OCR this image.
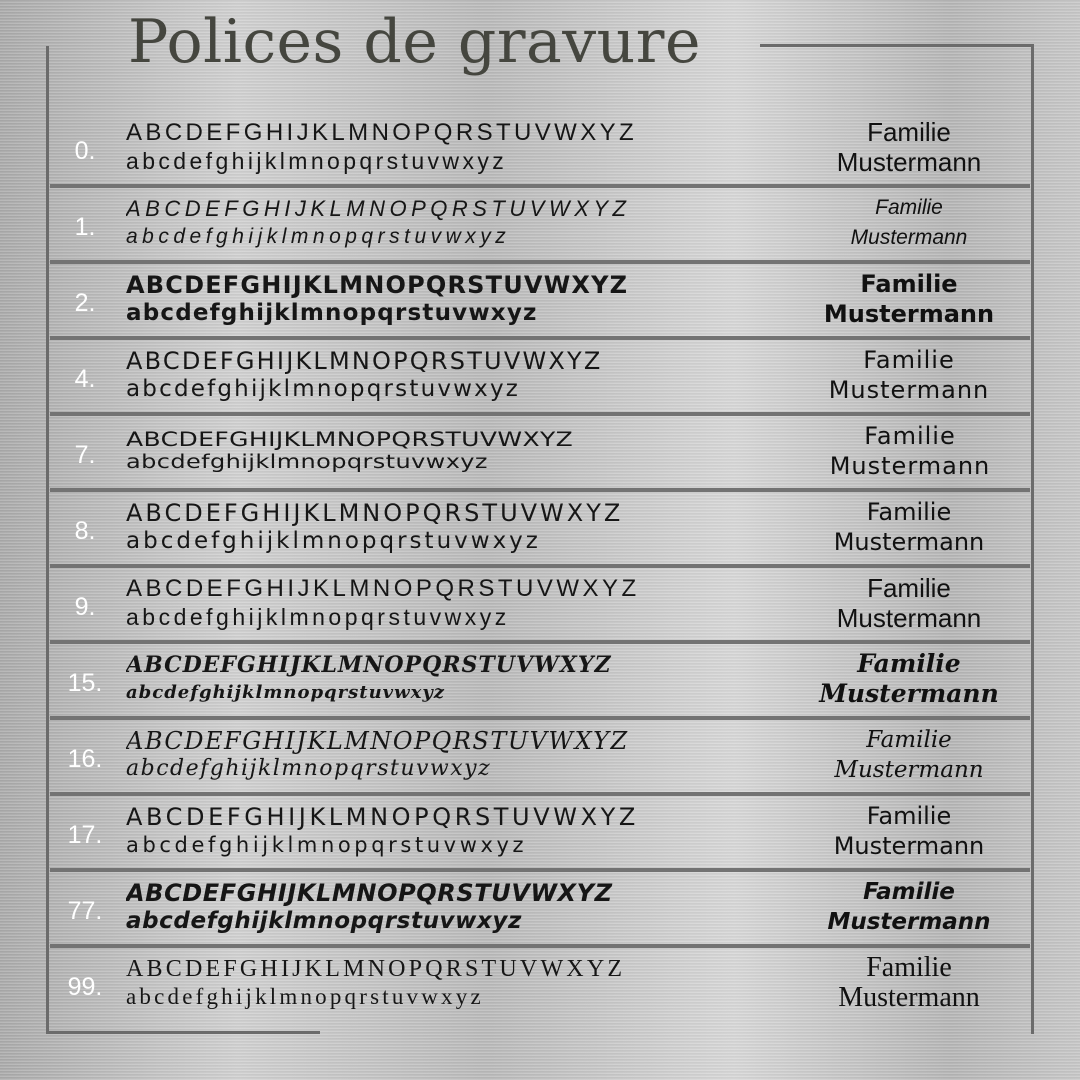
Polices de gravure
0.
ABCDEFGHIJKLMNOPQRSTUVWXYZ
abcdefghijklmnopqrstuvwxyz
Familie
Mustermann
1.
ABCDEFGHIJKLMNOPQRSTUVWXYZ
abcdefghijklmnopqrstuvwxyz
Familie
Mustermann
2.
ABCDEFGHIJKLMNOPQRSTUVWXYZ
abcdefghijklmnopqrstuvwxyz
Familie
Mustermann
4.
ABCDEFGHIJKLMNOPQRSTUVWXYZ
abcdefghijklmnopqrstuvwxyz
Familie
Mustermann
7.
ABCDEFGHIJKLMNOPQRSTUVWXYZ
abcdefghijklmnopqrstuvwxyz
Familie
Mustermann
8.
ABCDEFGHIJKLMNOPQRSTUVWXYZ
abcdefghijklmnopqrstuvwxyz
Familie
Mustermann
9.
ABCDEFGHIJKLMNOPQRSTUVWXYZ
abcdefghijklmnopqrstuvwxyz
Familie
Mustermann
15.
ABCDEFGHIJKLMNOPQRSTUVWXYZ
abcdefghijklmnopqrstuvwxyz
Familie
Mustermann
16.
ABCDEFGHIJKLMNOPQRSTUVWXYZ
abcdefghijklmnopqrstuvwxyz
Familie
Mustermann
17.
ABCDEFGHIJKLMNOPQRSTUVWXYZ
abcdefghijklmnopqrstuvwxyz
Familie
Mustermann
77.
ABCDEFGHIJKLMNOPQRSTUVWXYZ
abcdefghijklmnopqrstuvwxyz
Familie
Mustermann
99.
ABCDEFGHIJKLMNOPQRSTUVWXYZ
abcdefghijklmnopqrstuvwxyz
Familie
Mustermann
